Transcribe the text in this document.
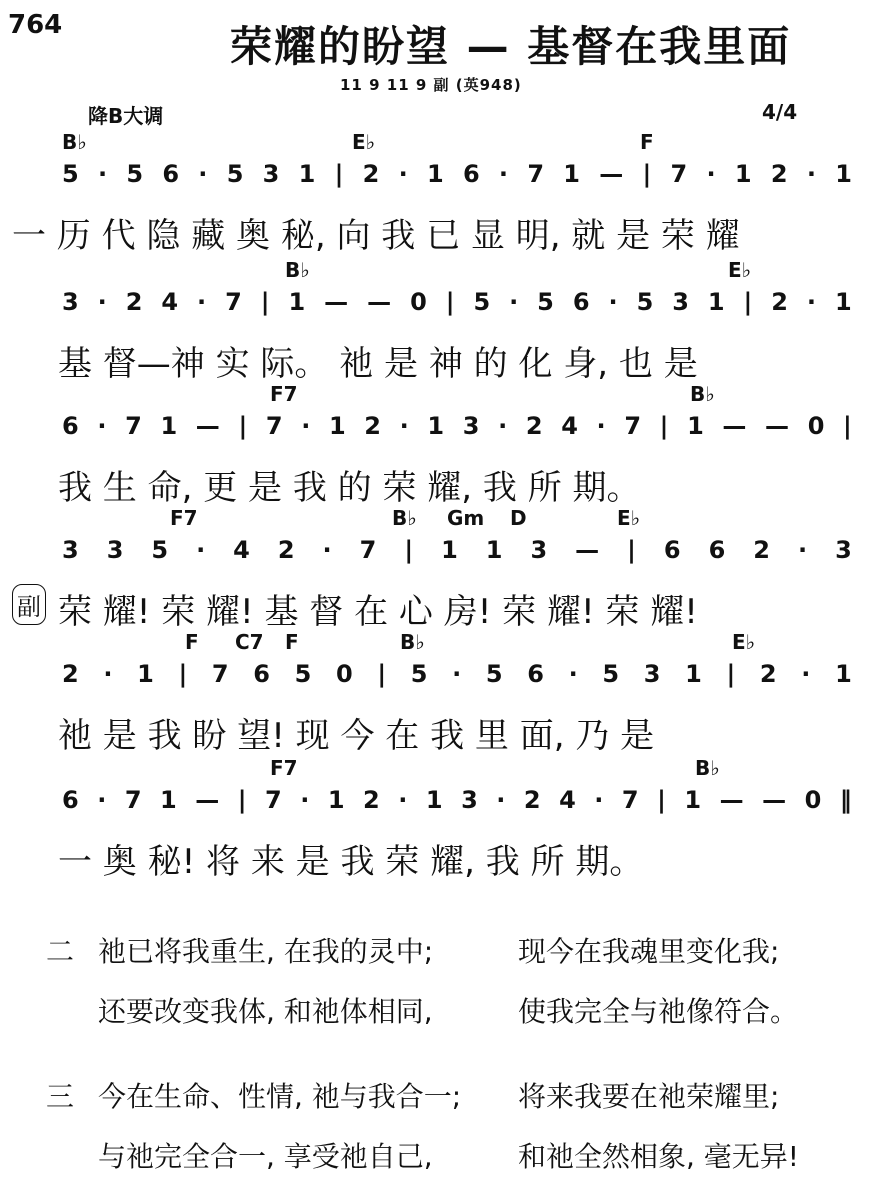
764	荣耀的盼望 — 基督在我里面
11 9 11 9 副 (英948)
降B大调	4/4
B♭	E♭	F
5 · 5 6 · 5 3 1 | 2 · 1 6 · 7 1 — | 7 · 1 2 · 1
一 历 代 隐 藏 奥 秘, 向 我 已 显 明, 就 是 荣 耀
B♭	E♭
3 · 2 4 · 7 | 1 — — 0 | 5 · 5 6 · 5 3 1 | 2 · 1
基 督—神 实 际。 祂 是 神 的 化 身, 也 是
F7	B♭
6 · 7 1 — | 7 · 1 2 · 1 3 · 2 4 · 7 | 1 — — 0 |
我 生 命, 更 是 我 的 荣 耀, 我 所 期。
F7	B♭ Gm D	E♭
3 3 5 · 4 2 · 7 | 1 1 3 — | 6 6 2 · 3
副 荣 耀! 荣 耀! 基 督 在 心 房! 荣 耀! 荣 耀!
F C7 F	B♭	E♭
2 · 1 | 7 6 5 0 | 5 · 5 6 · 5 3 1 | 2 · 1
祂 是 我 盼 望! 现 今 在 我 里 面, 乃 是
F7	B♭
6 · 7 1 — | 7 · 1 2 · 1 3 · 2 4 · 7 | 1 — — 0 ‖
一 奥 秘! 将 来 是 我 荣 耀, 我 所 期。
二 祂已将我重生, 在我的灵中;	现今在我魂里变化我;
还要改变我体, 和祂体相同,	使我完全与祂像符合。
三 今在生命、性情, 祂与我合一; 将来我要在祂荣耀里;
与祂完全合一, 享受祂自己,	和祂全然相象, 毫无异!
